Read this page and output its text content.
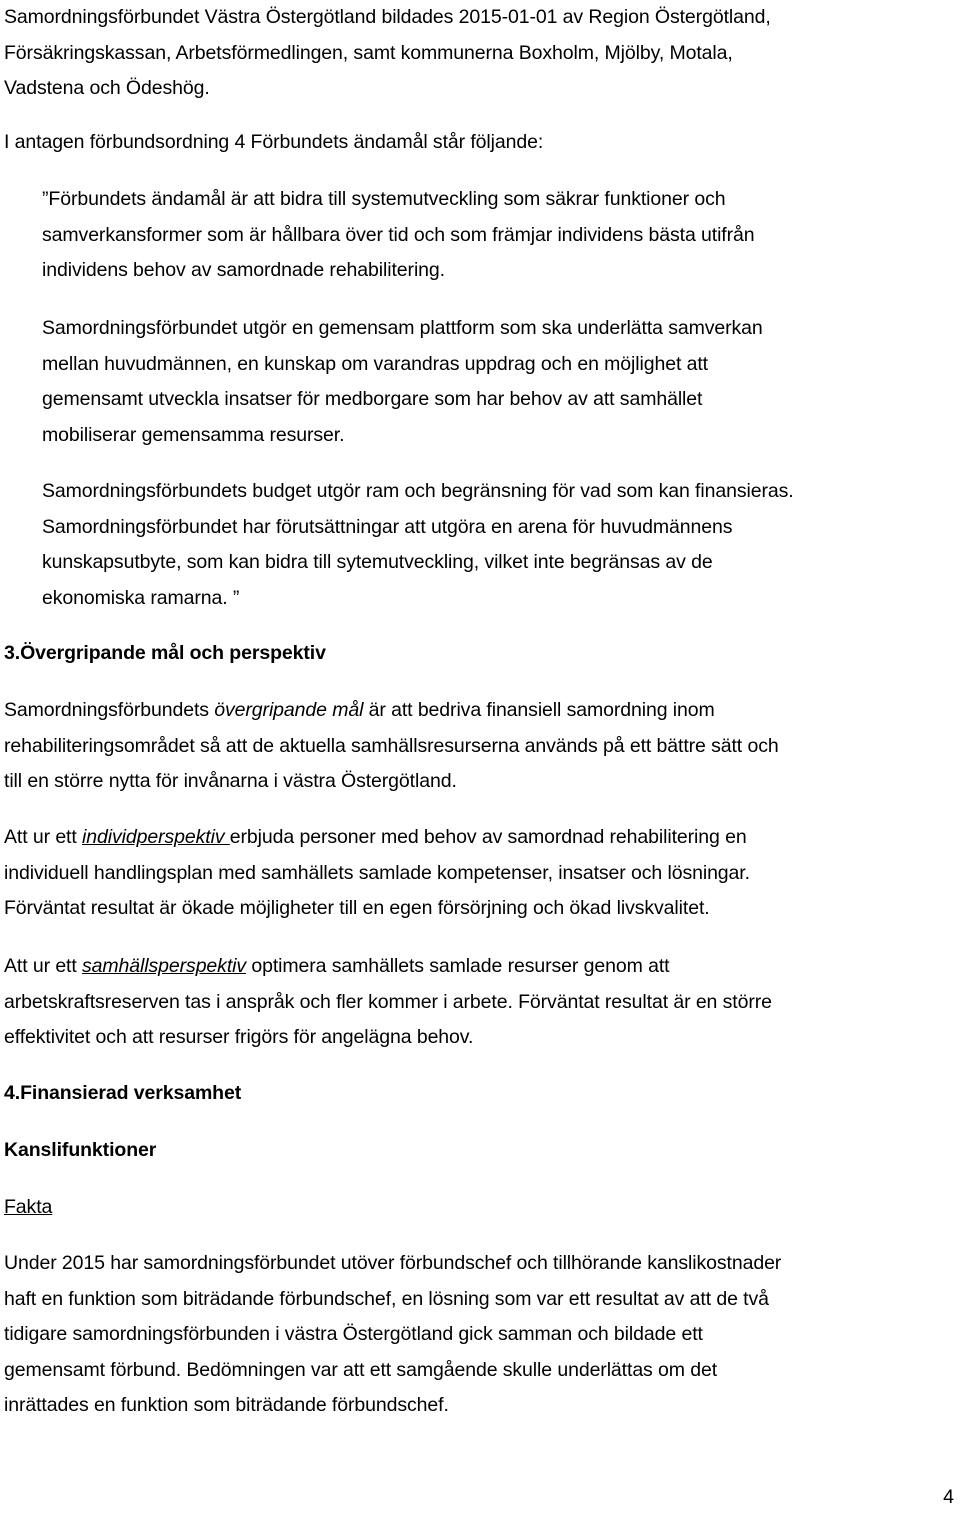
Samordningsförbundet Västra Östergötland bildades 2015-01-01 av Region Östergötland,
Försäkringskassan, Arbetsförmedlingen, samt kommunerna Boxholm, Mjölby, Motala,
Vadstena och Ödeshög.
I antagen förbundsordning 4 Förbundets ändamål står följande:
”Förbundets ändamål är att bidra till systemutveckling som säkrar funktioner och
samverkansformer som är hållbara över tid och som främjar individens bästa utifrån
individens behov av samordnade rehabilitering.
Samordningsförbundet utgör en gemensam plattform som ska underlätta samverkan
mellan huvudmännen, en kunskap om varandras uppdrag och en möjlighet att
gemensamt utveckla insatser för medborgare som har behov av att samhället
mobiliserar gemensamma resurser.
Samordningsförbundets budget utgör ram och begränsning för vad som kan finansieras.
Samordningsförbundet har förutsättningar att utgöra en arena för huvudmännens
kunskapsutbyte, som kan bidra till sytemutveckling, vilket inte begränsas av de
ekonomiska ramarna. ”
3.Övergripande mål och perspektiv
Samordningsförbundets övergripande mål är att bedriva finansiell samordning inom
rehabiliteringsområdet så att de aktuella samhällsresurserna används på ett bättre sätt och
till en större nytta för invånarna i västra Östergötland.
Att ur ett individperspektiv erbjuda personer med behov av samordnad rehabilitering en
individuell handlingsplan med samhällets samlade kompetenser, insatser och lösningar.
Förväntat resultat är ökade möjligheter till en egen försörjning och ökad livskvalitet.
Att ur ett samhällsperspektiv optimera samhällets samlade resurser genom att
arbetskraftsreserven tas i anspråk och fler kommer i arbete. Förväntat resultat är en större
effektivitet och att resurser frigörs för angelägna behov.
4.Finansierad verksamhet
Kanslifunktioner
Fakta
Under 2015 har samordningsförbundet utöver förbundschef och tillhörande kanslikostnader
haft en funktion som biträdande förbundschef, en lösning som var ett resultat av att de två
tidigare samordningsförbunden i västra Östergötland gick samman och bildade ett
gemensamt förbund. Bedömningen var att ett samgående skulle underlättas om det
inrättades en funktion som biträdande förbundschef.
4
